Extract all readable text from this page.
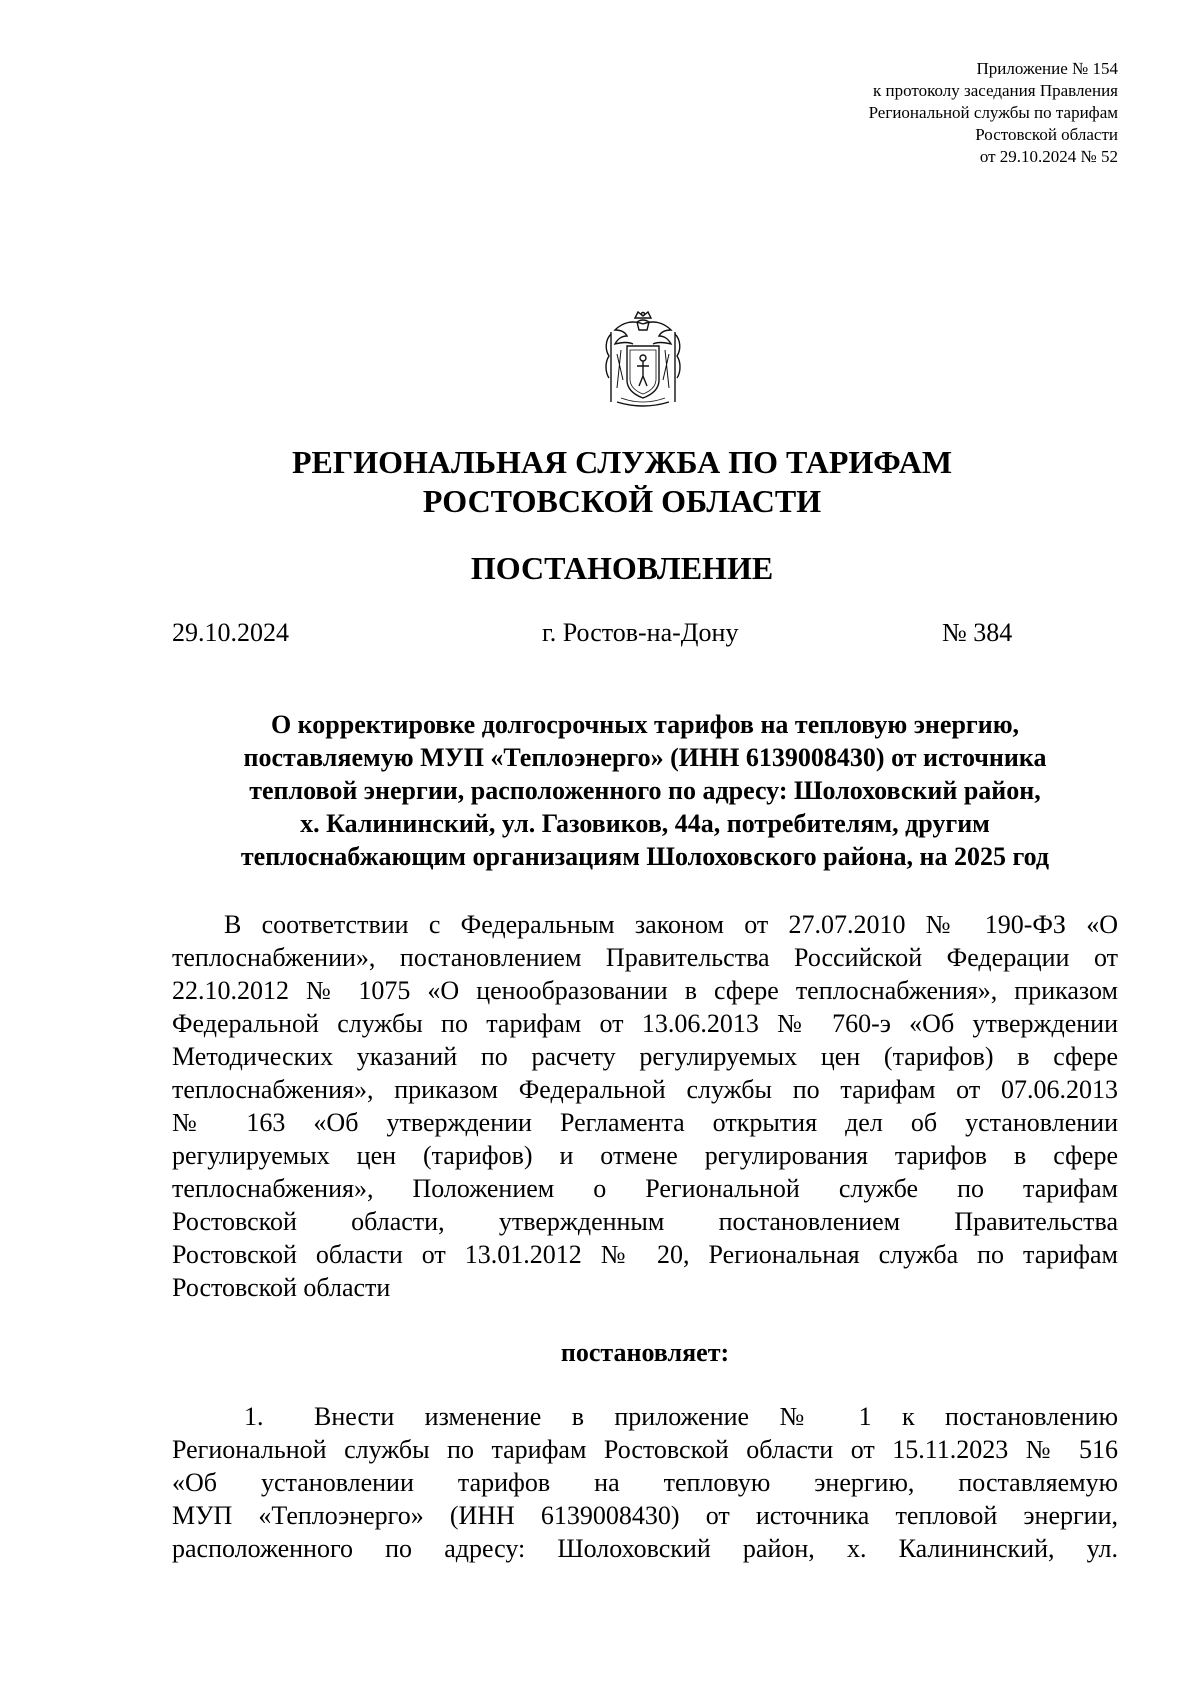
Приложение № 154
к протоколу заседания Правления
Региональной службы по тарифам
Ростовской области
от 29.10.2024 № 52
РЕГИОНАЛЬНАЯ СЛУЖБА ПО ТАРИФАМ
РОСТОВСКОЙ ОБЛАСТИ
ПОСТАНОВЛЕНИЕ
29.10.2024	г. Ростов-на-Дону	№ 384
О корректировке долгосрочных тарифов на тепловую энергию,
поставляемую МУП «Теплоэнерго» (ИНН 6139008430) от источника
тепловой энергии, расположенного по адресу: Шолоховский район,
х. Калининский, ул. Газовиков, 44а, потребителям, другим
теплоснабжающим организациям Шолоховского района, на 2025 год
В соответствии с Федеральным законом от 27.07.2010 № 190-ФЗ «О
теплоснабжении», постановлением Правительства Российской Федерации от
22.10.2012 № 1075 «О ценообразовании в сфере теплоснабжения», приказом
Федеральной службы по тарифам от 13.06.2013 № 760-э «Об утверждении
Методических указаний по расчету регулируемых цен (тарифов) в сфере
теплоснабжения», приказом Федеральной службы по тарифам от 07.06.2013
№ 163 «Об утверждении Регламента открытия дел об установлении
регулируемых цен (тарифов) и отмене регулирования тарифов в сфере
теплоснабжения», Положением о Региональной службе по тарифам
Ростовской области, утвержденным постановлением Правительства
Ростовской области от 13.01.2012 № 20, Региональная служба по тарифам
Ростовской области
постановляет:
1. Внести изменение в приложение № 1 к постановлению
Региональной службы по тарифам Ростовской области от 15.11.2023 № 516
«Об установлении тарифов на тепловую энергию, поставляемую
МУП «Теплоэнерго» (ИНН 6139008430) от источника тепловой энергии,
расположенного по адресу: Шолоховский район, х. Калининский, ул.
